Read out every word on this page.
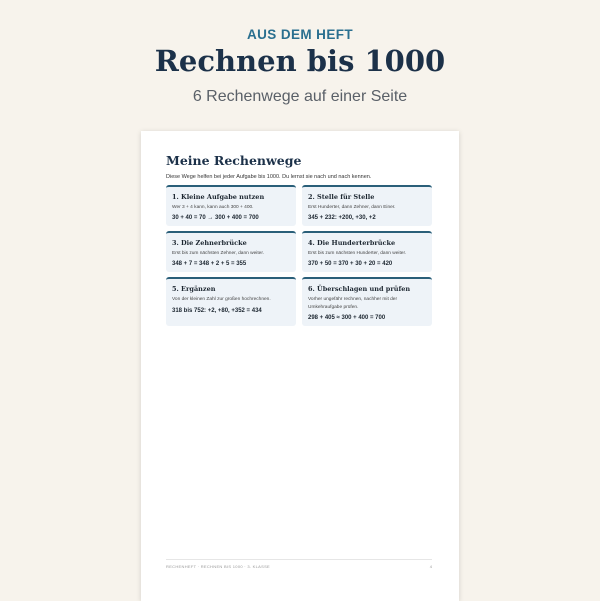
AUS DEM HEFT
Rechnen bis 1000
6 Rechenwege auf einer Seite
Meine Rechenwege
Diese Wege helfen bei jeder Aufgabe bis 1000. Du lernst sie nach und nach kennen.
1. Kleine Aufgabe nutzen
Wer 3 + 4 kann, kann auch 300 + 400.
30 + 40 = 70 → 300 + 400 = 700
2. Stelle für Stelle
Erst Hunderter, dann Zehner, dann Einer.
345 + 232: +200, +30, +2
3. Die Zehnerbrücke
Erst bis zum nächsten Zehner, dann weiter.
348 + 7 = 348 + 2 + 5 = 355
4. Die Hunderterbrücke
Erst bis zum nächsten Hunderter, dann weiter.
370 + 50 = 370 + 30 + 20 = 420
5. Ergänzen
Von der kleinen Zahl zur großen hochrechnen.
318 bis 752: +2, +80, +352 = 434
6. Überschlagen und prüfen
Vorher ungefähr rechnen, nachher mit der Umkehraufgabe prüfen.
298 + 405 ≈ 300 + 400 = 700
RECHENHEFT · RECHNEN BIS 1000 · 3. KLASSE	4
